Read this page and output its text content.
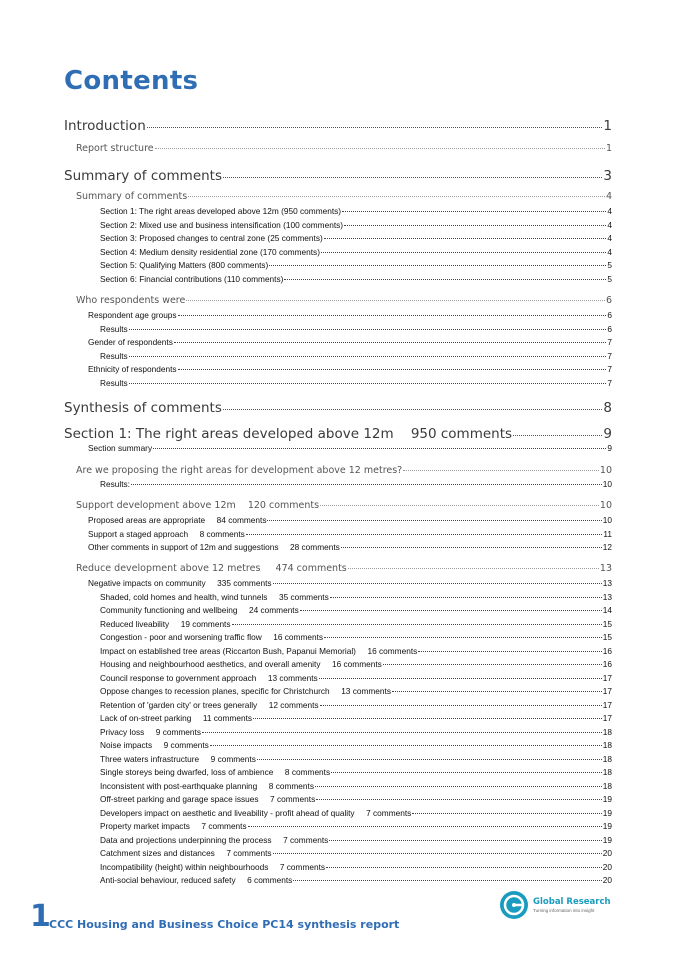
Contents
Introduction	1
Report structure	1
Summary of comments	3
Summary of comments	4
Section 1: The right areas developed above 12m (950 comments)	4
Section 2: Mixed use and business intensification (100 comments)	4
Section 3: Proposed changes to central zone (25 comments)	4
Section 4: Medium density residential zone (170 comments)	4
Section 5: Qualifying Matters (800 comments)	5
Section 6: Financial contributions (110 comments)	5
Who respondents were	6
Respondent age groups	6
Results	6
Gender of respondents	7
Results	7
Ethnicity of respondents	7
Results	7
Synthesis of comments	8
Section 1: The right areas developed above 12m    950 comments	9
Section summary	9
Are we proposing the right areas for development above 12 metres?	10
Results:	10
Support development above 12m    120 comments	10
Proposed areas are appropriate     84 comments	10
Support a staged approach     8 comments	11
Other comments in support of 12m and suggestions     28 comments	12
Reduce development above 12 metres     474 comments	13
Negative impacts on community     335 comments	13
Shaded, cold homes and health, wind tunnels     35 comments	13
Community functioning and wellbeing     24 comments	14
Reduced liveability     19 comments	15
Congestion - poor and worsening traffic flow     16 comments	15
Impact on established tree areas (Riccarton Bush, Papanui Memorial)     16 comments	16
Housing and neighbourhood aesthetics, and overall amenity     16 comments	16
Council response to government approach     13 comments	17
Oppose changes to recession planes, specific for Christchurch     13 comments	17
Retention of 'garden city' or trees generally     12 comments	17
Lack of on-street parking     11 comments	17
Privacy loss     9 comments	18
Noise impacts     9 comments	18
Three waters infrastructure     9 comments	18
Single storeys being dwarfed, loss of ambience     8 comments	18
Inconsistent with post-earthquake planning     8 comments	18
Off-street parking and garage space issues     7 comments	19
Developers impact on aesthetic and liveability - profit ahead of quality     7 comments	19
Property market impacts     7 comments	19
Data and projections underpinning the process     7 comments	19
Catchment sizes and distances     7 comments	20
Incompatibility (height) within neighbourhoods     7 comments	20
Anti-social behaviour, reduced safety     6 comments	20
1
CCC Housing and Business Choice PC14 synthesis report
Global Research
Turning information into insight
